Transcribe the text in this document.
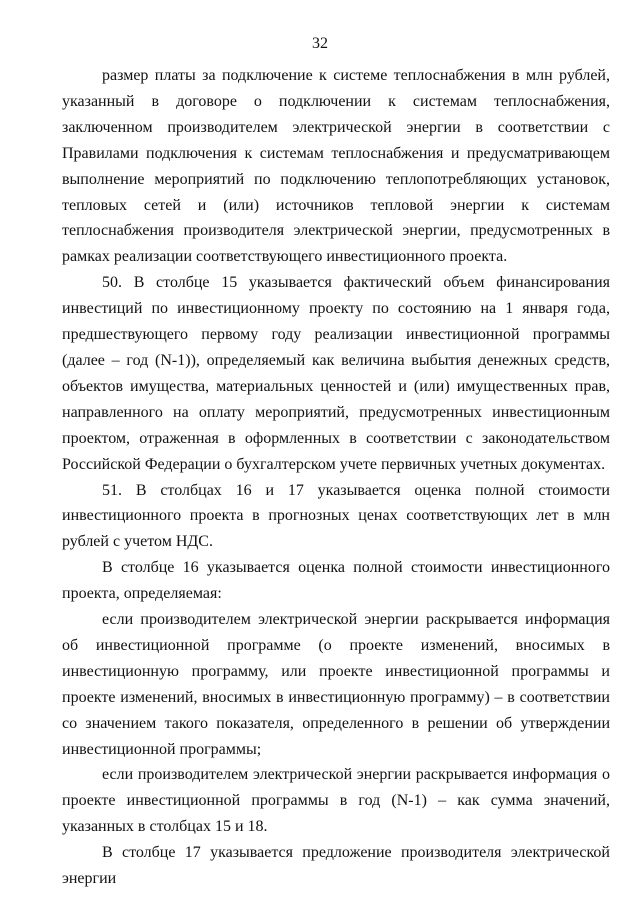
32

размер платы за подключение к системе теплоснабжения в млн рублей, указанный в договоре о подключении к системам теплоснабжения, заключенном производителем электрической энергии в соответствии с Правилами подключения к системам теплоснабжения и предусматривающем выполнение мероприятий по подключению теплопотребляющих установок, тепловых сетей и (или) источников тепловой энергии к системам теплоснабжения производителя электрической энергии, предусмотренных в рамках реализации соответствующего инвестиционного проекта.

50. В столбце 15 указывается фактический объем финансирования инвестиций по инвестиционному проекту по состоянию на 1 января года, предшествующего первому году реализации инвестиционной программы (далее – год (N-1)), определяемый как величина выбытия денежных средств, объектов имущества, материальных ценностей и (или) имущественных прав, направленного на оплату мероприятий, предусмотренных инвестиционным проектом, отраженная в оформленных в соответствии с законодательством Российской Федерации о бухгалтерском учете первичных учетных документах.

51. В столбцах 16 и 17 указывается оценка полной стоимости инвестиционного проекта в прогнозных ценах соответствующих лет в млн рублей с учетом НДС.

В столбце 16 указывается оценка полной стоимости инвестиционного проекта, определяемая:

если производителем электрической энергии раскрывается информация об инвестиционной программе (о проекте изменений, вносимых в инвестиционную программу, или проекте инвестиционной программы и проекте изменений, вносимых в инвестиционную программу) – в соответствии со значением такого показателя, определенного в решении об утверждении инвестиционной программы;

если производителем электрической энергии раскрывается информация о проекте инвестиционной программы в год (N-1) – как сумма значений, указанных в столбцах 15 и 18.

В столбце 17 указывается предложение производителя электрической энергии
